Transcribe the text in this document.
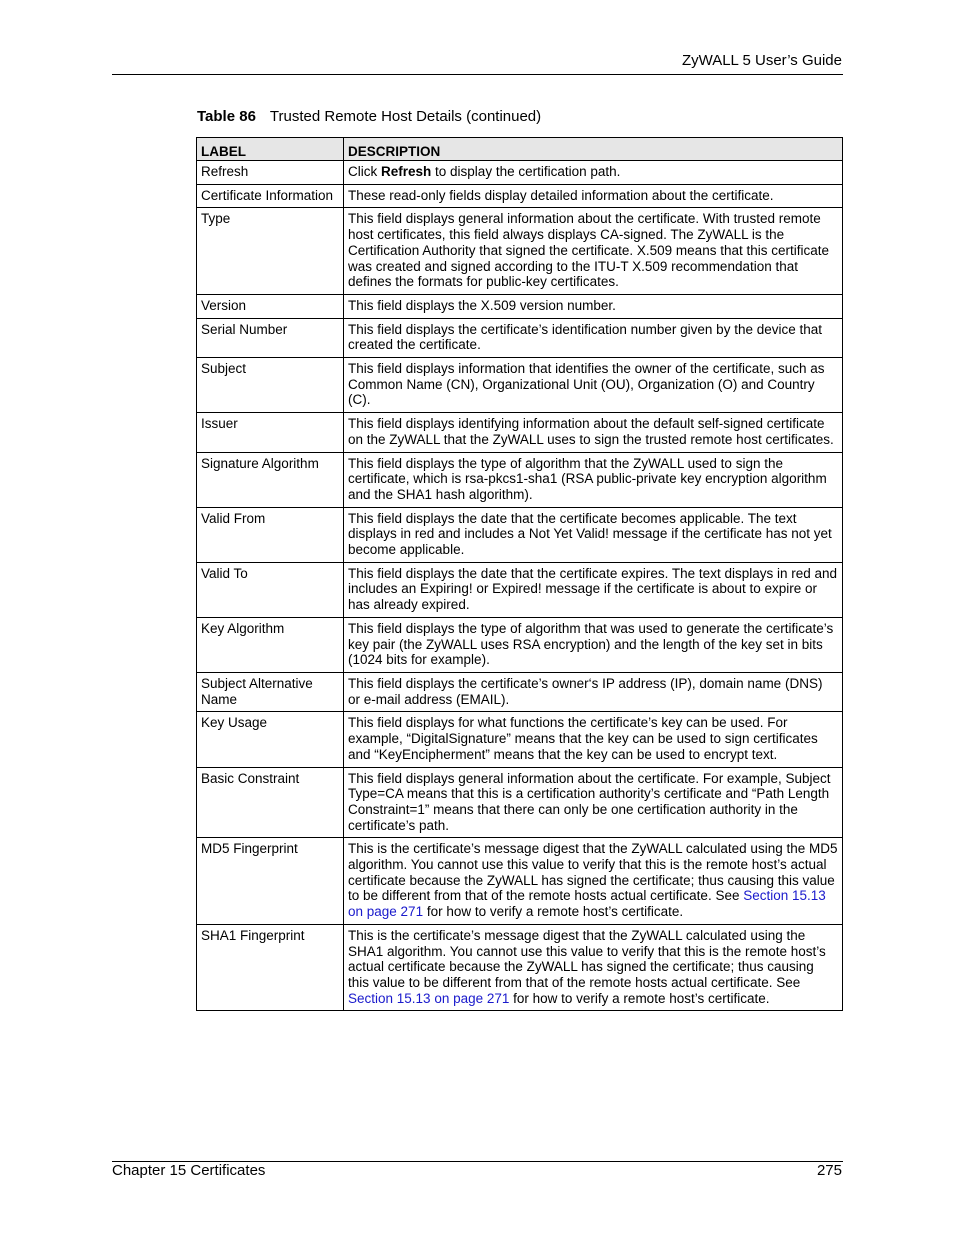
ZyWALL 5 User’s Guide
Table 86 Trusted Remote Host Details (continued)
LABEL	DESCRIPTION
Refresh	Click Refresh to display the certification path.
Certificate Information	These read-only fields display detailed information about the certificate.
Type	This field displays general information about the certificate. With trusted remote host certificates, this field always displays CA-signed. The ZyWALL is the Certification Authority that signed the certificate. X.509 means that this certificate was created and signed according to the ITU-T X.509 recommendation that defines the formats for public-key certificates.
Version	This field displays the X.509 version number.
Serial Number	This field displays the certificate’s identification number given by the device that created the certificate.
Subject	This field displays information that identifies the owner of the certificate, such as Common Name (CN), Organizational Unit (OU), Organization (O) and Country (C).
Issuer	This field displays identifying information about the default self-signed certificate on the ZyWALL that the ZyWALL uses to sign the trusted remote host certificates.
Signature Algorithm	This field displays the type of algorithm that the ZyWALL used to sign the certificate, which is rsa-pkcs1-sha1 (RSA public-private key encryption algorithm and the SHA1 hash algorithm).
Valid From	This field displays the date that the certificate becomes applicable. The text displays in red and includes a Not Yet Valid! message if the certificate has not yet become applicable.
Valid To	This field displays the date that the certificate expires. The text displays in red and includes an Expiring! or Expired! message if the certificate is about to expire or has already expired.
Key Algorithm	This field displays the type of algorithm that was used to generate the certificate’s key pair (the ZyWALL uses RSA encryption) and the length of the key set in bits (1024 bits for example).
Subject Alternative Name	This field displays the certificate’s owner‘s IP address (IP), domain name (DNS) or e-mail address (EMAIL).
Key Usage	This field displays for what functions the certificate’s key can be used. For example, “DigitalSignature” means that the key can be used to sign certificates and “KeyEncipherment” means that the key can be used to encrypt text.
Basic Constraint	This field displays general information about the certificate. For example, Subject Type=CA means that this is a certification authority’s certificate and “Path Length Constraint=1” means that there can only be one certification authority in the certificate’s path.
MD5 Fingerprint	This is the certificate’s message digest that the ZyWALL calculated using the MD5 algorithm. You cannot use this value to verify that this is the remote host’s actual certificate because the ZyWALL has signed the certificate; thus causing this value to be different from that of the remote hosts actual certificate. See Section 15.13 on page 271 for how to verify a remote host’s certificate.
SHA1 Fingerprint	This is the certificate’s message digest that the ZyWALL calculated using the SHA1 algorithm. You cannot use this value to verify that this is the remote host’s actual certificate because the ZyWALL has signed the certificate; thus causing this value to be different from that of the remote hosts actual certificate. See Section 15.13 on page 271 for how to verify a remote host’s certificate.
Chapter 15 Certificates	275
